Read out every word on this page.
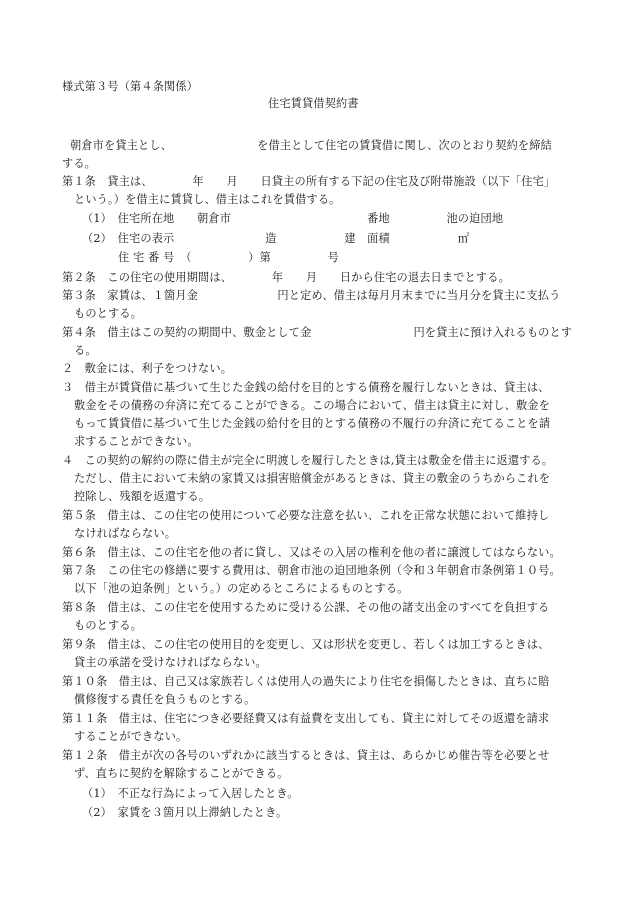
様式第３号（第４条関係）
住宅賃貸借契約書
朝倉市を貸主とし、　　　　　　　　を借主として住宅の賃貸借に関し、次のとおり契約を締結
する。
第１条　貸主は、　　　　年　　月　　日貸主の所有する下記の住宅及び附帯施設（以下「住宅」
という。）を借主に賃貸し、借主はこれを賃借する。
（1）　住宅所在地　　朝倉市　　　　　　　　　　　　番地　　　　　池の迫団地
（2）　住宅の表示　　　　　　　　造　　　　　　建　面積　　　　　　㎡
住 宅 番 号　（　　　　　）第　　　　　号
第２条　この住宅の使用期間は、　　　　年　　月　　日から住宅の退去日までとする。
第３条　家賃は、１箇月金　　　　　　　円と定め、借主は毎月月末までに当月分を貸主に支払う
ものとする。
第４条　借主はこの契約の期間中、敷金として金　　　　　　　　　円を貸主に預け入れるものとす
る。
２　敷金には、利子をつけない。
３　借主が賃貸借に基づいて生じた金銭の給付を目的とする債務を履行しないときは、貸主は、
敷金をその債務の弁済に充てることができる。この場合において、借主は貸主に対し、敷金を
もって賃貸借に基づいて生じた金銭の給付を目的とする債務の不履行の弁済に充てることを請
求することができない。
４　この契約の解約の際に借主が完全に明渡しを履行したときは,貸主は敷金を借主に返還する。
ただし、借主において未納の家賃又は損害賠償金があるときは、貸主の敷金のうちからこれを
控除し、残額を返還する。
第５条　借主は、この住宅の使用について必要な注意を払い、これを正常な状態において維持し
なければならない。
第６条　借主は、この住宅を他の者に貸し、又はその入居の権利を他の者に譲渡してはならない。
第７条　この住宅の修繕に要する費用は、朝倉市池の迫団地条例（令和３年朝倉市条例第１０号。
以下「池の迫条例」という。）の定めるところによるものとする。
第８条　借主は、この住宅を使用するために受ける公課、その他の諸支出金のすべてを負担する
ものとする。
第９条　借主は、この住宅の使用目的を変更し、又は形状を変更し、若しくは加工するときは、
貸主の承諾を受けなければならない。
第１０条　借主は、自己又は家族若しくは使用人の過失により住宅を損傷したときは、直ちに賠
償修復する責任を負うものとする。
第１１条　借主は、住宅につき必要経費又は有益費を支出しても、貸主に対してその返還を請求
することができない。
第１２条　借主が次の各号のいずれかに該当するときは、貸主は、あらかじめ催告等を必要とせ
ず、直ちに契約を解除することができる。
（1）　不正な行為によって入居したとき。
（2）　家賃を３箇月以上滞納したとき。
